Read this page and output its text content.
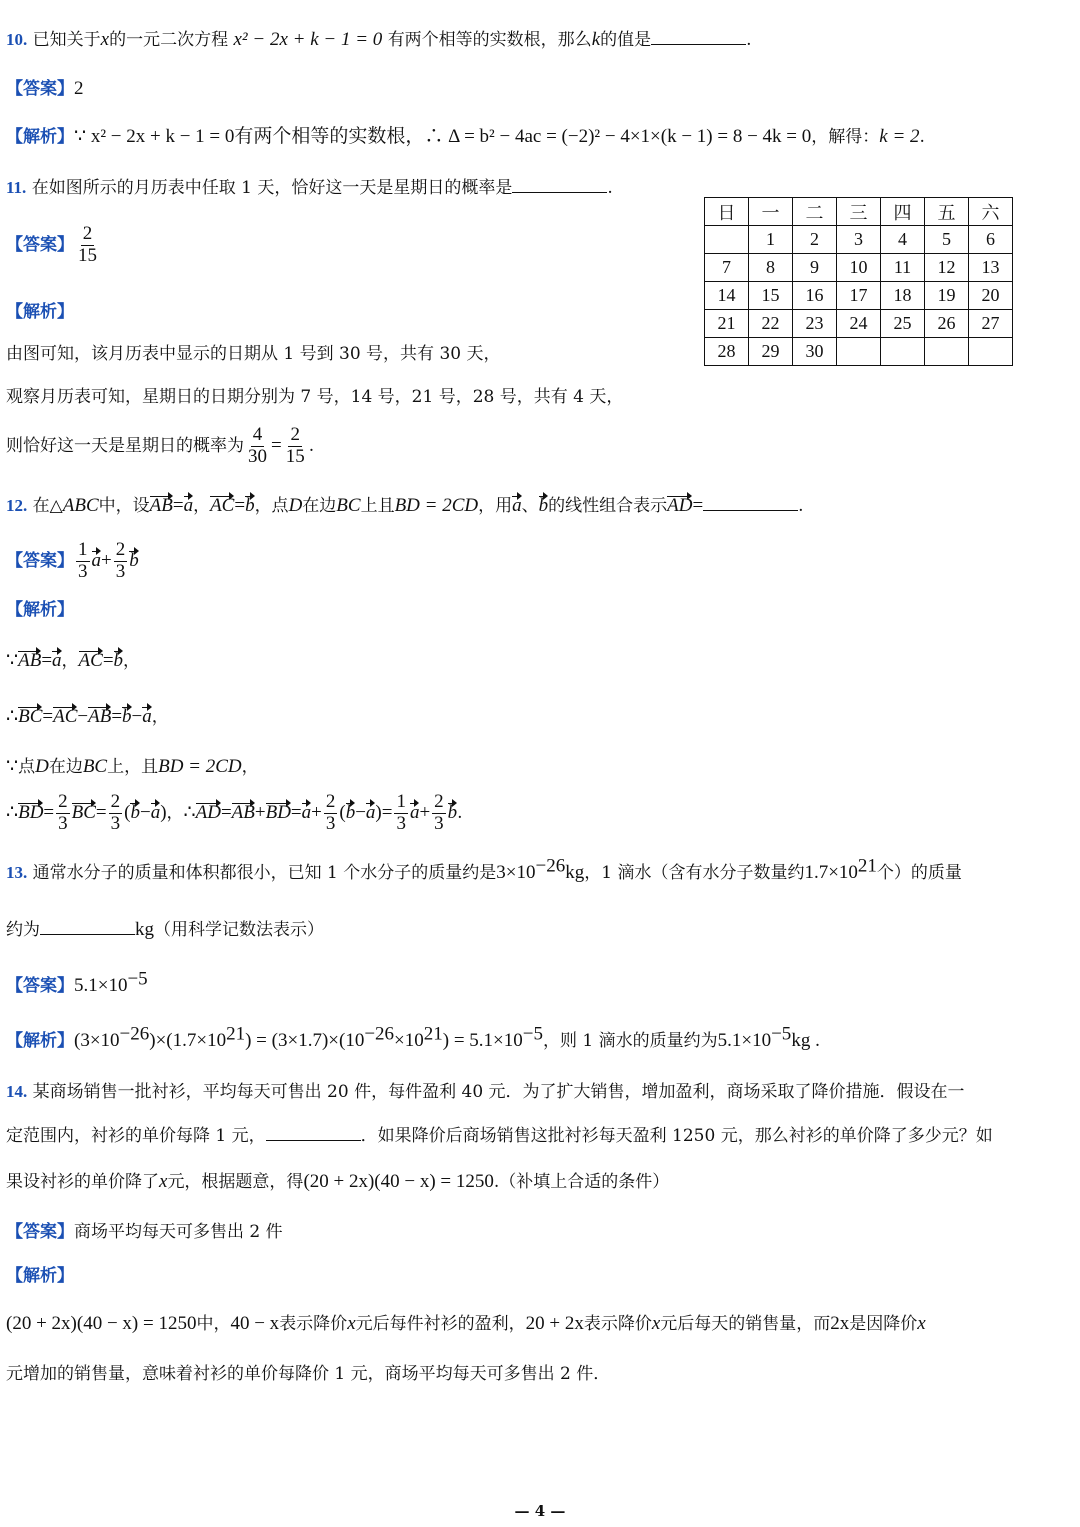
10. 已知关于x的一元二次方程 x² − 2x + k − 1 = 0 有两个相等的实数根，那么k的值是	.
【答案】2
【解析】∵ x² − 2x + k − 1 = 0有两个相等的实数根，∴ Δ = b² − 4ac = (−2)² − 4×1×(k − 1) = 8 − 4k = 0，解得：k = 2.
11. 在如图所示的月历表中任取 1 天，恰好这一天是星期日的概率是	.
日	一	二	三	四	五	六
	1	2	3	4	5	6
7	8	9	10	11	12	13
14	15	16	17	18	19	20
21	22	23	24	25	26	27
28	29	30				
【答案】 $\frac{2}{15}$
【解析】
由图可知，该月历表中显示的日期从 1 号到 30 号，共有 30 天，
观察月历表可知，星期日的日期分别为 7 号，14 号，21 号，28 号，共有 4 天，
则恰好这一天是星期日的概率为 $\frac{4}{30} = \frac{2}{15}$ .
12. 在△ABC中，设AB=a，AC=b，点D在边BC上且BD = 2CD，用a、b的线性组合表示AD=	.
【答案】 $\frac{1}{3} a+ \frac{2}{3}$ b
【解析】
∵AB=a，AC=b，
∴BC=AC−AB=b−a，
∵点D在边BC上，且BD = 2CD，
∴BD= $\frac{2}{3} BC= \frac{2}{3} (b-a)$，∴AD=AB+BD=a+ $\frac{2}{3} (b-a)= \frac{1}{3} a+ \frac{2}{3} b$.
13. 通常水分子的质量和体积都很小，已知 1 个水分子的质量约是$3\times 10^{-26}kg$，1 滴水（含有水分子数量约$1.7\times 10^{21}$个）的质量
约为	kg（用科学记数法表示）
【答案】$5.1\times 10^{-5}$
【解析】$(3\times 10^{-26})\times(1.7\times 10^{21}) = (3\times 1.7)\times(10^{-26}\times 10^{21}) = 5.1\times 10^{-5}$，则 1 滴水的质量约为$5.1\times 10^{-5}kg$ .
14. 某商场销售一批衬衫，平均每天可售出 20 件，每件盈利 40 元．为了扩大销售，增加盈利，商场采取了降价措施．假设在一
定范围内，衬衫的单价每降 1 元，	．如果降价后商场销售这批衬衫每天盈利 1250 元，那么衬衫的单价降了多少元？如
果设衬衫的单价降了x元，根据题意，得(20 + 2x)(40 − x) = 1250.（补填上合适的条件）
【答案】商场平均每天可多售出 2 件
【解析】
(20 + 2x)(40 − x) = 1250中，40 − x表示降价x元后每件衬衫的盈利，20 + 2x表示降价x元后每天的销售量，而2x是因降价x
元增加的销售量，意味着衬衫的单价每降价 1 元，商场平均每天可多售出 2 件．
— 4 —
